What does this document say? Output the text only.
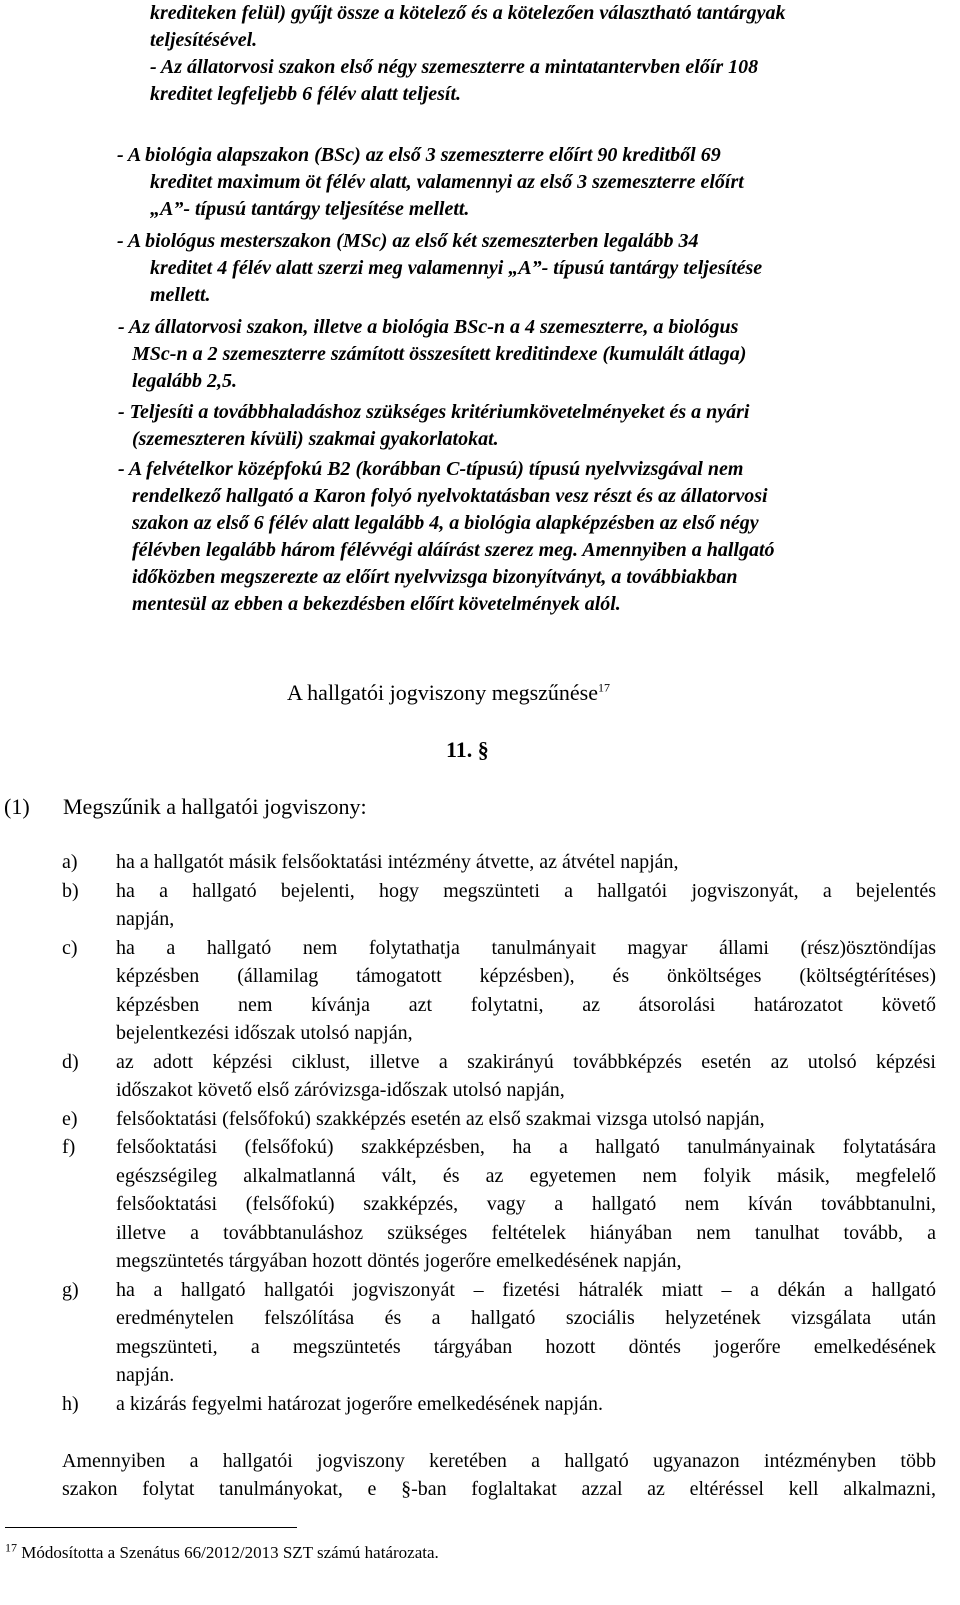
krediteken felül) gyűjt össze a kötelező és a kötelezően választható tantárgyak

teljesítésével.

- Az állatorvosi szakon első négy szemeszterre a mintatantervben előír 108

kreditet legfeljebb 6 félév alatt teljesít.

- A biológia alapszakon (BSc) az első 3 szemeszterre előírt 90 kreditből 69

kreditet maximum öt félév alatt, valamennyi az első 3 szemeszterre előírt

„A”- típusú tantárgy teljesítése mellett.

- A biológus mesterszakon (MSc) az első két szemeszterben legalább 34

kreditet 4 félév alatt szerzi meg valamennyi „A”- típusú tantárgy teljesítése

mellett.

- Az állatorvosi szakon, illetve a biológia BSc-n a 4 szemeszterre, a biológus

MSc-n a 2 szemeszterre számított összesített kreditindexe (kumulált átlaga)

legalább 2,5.

- Teljesíti a továbbhaladáshoz szükséges kritériumkövetelményeket és a nyári

(szemeszteren kívüli) szakmai gyakorlatokat.

- A felvételkor középfokú B2 (korábban C-típusú) típusú nyelvvizsgával nem

rendelkező hallgató a Karon folyó nyelvoktatásban vesz részt és az állatorvosi

szakon az első 6 félév alatt legalább 4, a biológia alapképzésben az első négy

félévben legalább három félévvégi aláírást szerez meg. Amennyiben a hallgató

időközben megszerezte az előírt nyelvvizsga bizonyítványt, a továbbiakban

mentesül az ebben a bekezdésben előírt követelmények alól.

A hallgatói jogviszony megszűnése$^{17}$
11. §
(1) Megszűnik a hallgatói jogviszony:
a)	ha a hallgatót másik felsőoktatási intézmény átvette, az átvétel napján,
b)	ha a hallgató bejelenti, hogy megszünteti a hallgatói jogviszonyát, a bejelentés
napján,
c)	ha a hallgató nem folytathatja tanulmányait magyar állami (rész)ösztöndíjas
képzésben (államilag támogatott képzésben), és önköltséges (költségtérítéses)
képzésben nem kívánja azt folytatni, az átsorolási határozatot követő
bejelentkezési időszak utolsó napján,
d)	az adott képzési ciklust, illetve a szakirányú továbbképzés esetén az utolsó képzési
időszakot követő első záróvizsga-időszak utolsó napján,
e)	felsőoktatási (felsőfokú) szakképzés esetén az első szakmai vizsga utolsó napján,
f)	felsőoktatási (felsőfokú) szakképzésben, ha a hallgató tanulmányainak folytatására
egészségileg alkalmatlanná vált, és az egyetemen nem folyik másik, megfelelő
felsőoktatási (felsőfokú) szakképzés, vagy a hallgató nem kíván továbbtanulni,
illetve a továbbtanuláshoz szükséges feltételek hiányában nem tanulhat tovább, a
megszüntetés tárgyában hozott döntés jogerőre emelkedésének napján,
g)	ha a hallgató hallgatói jogviszonyát – fizetési hátralék miatt – a dékán a hallgató
eredménytelen felszólítása és a hallgató szociális helyzetének vizsgálata után
megszünteti, a megszüntetés tárgyában hozott döntés jogerőre emelkedésének
napján.
h)	a kizárás fegyelmi határozat jogerőre emelkedésének napján.
Amennyiben a hallgatói jogviszony keretében a hallgató ugyanazon intézményben több
szakon folytat tanulmányokat, e §-ban foglaltakat azzal az eltéréssel kell alkalmazni,
$^{17}$ Módosította a Szenátus 66/2012/2013 SZT számú határozata.
